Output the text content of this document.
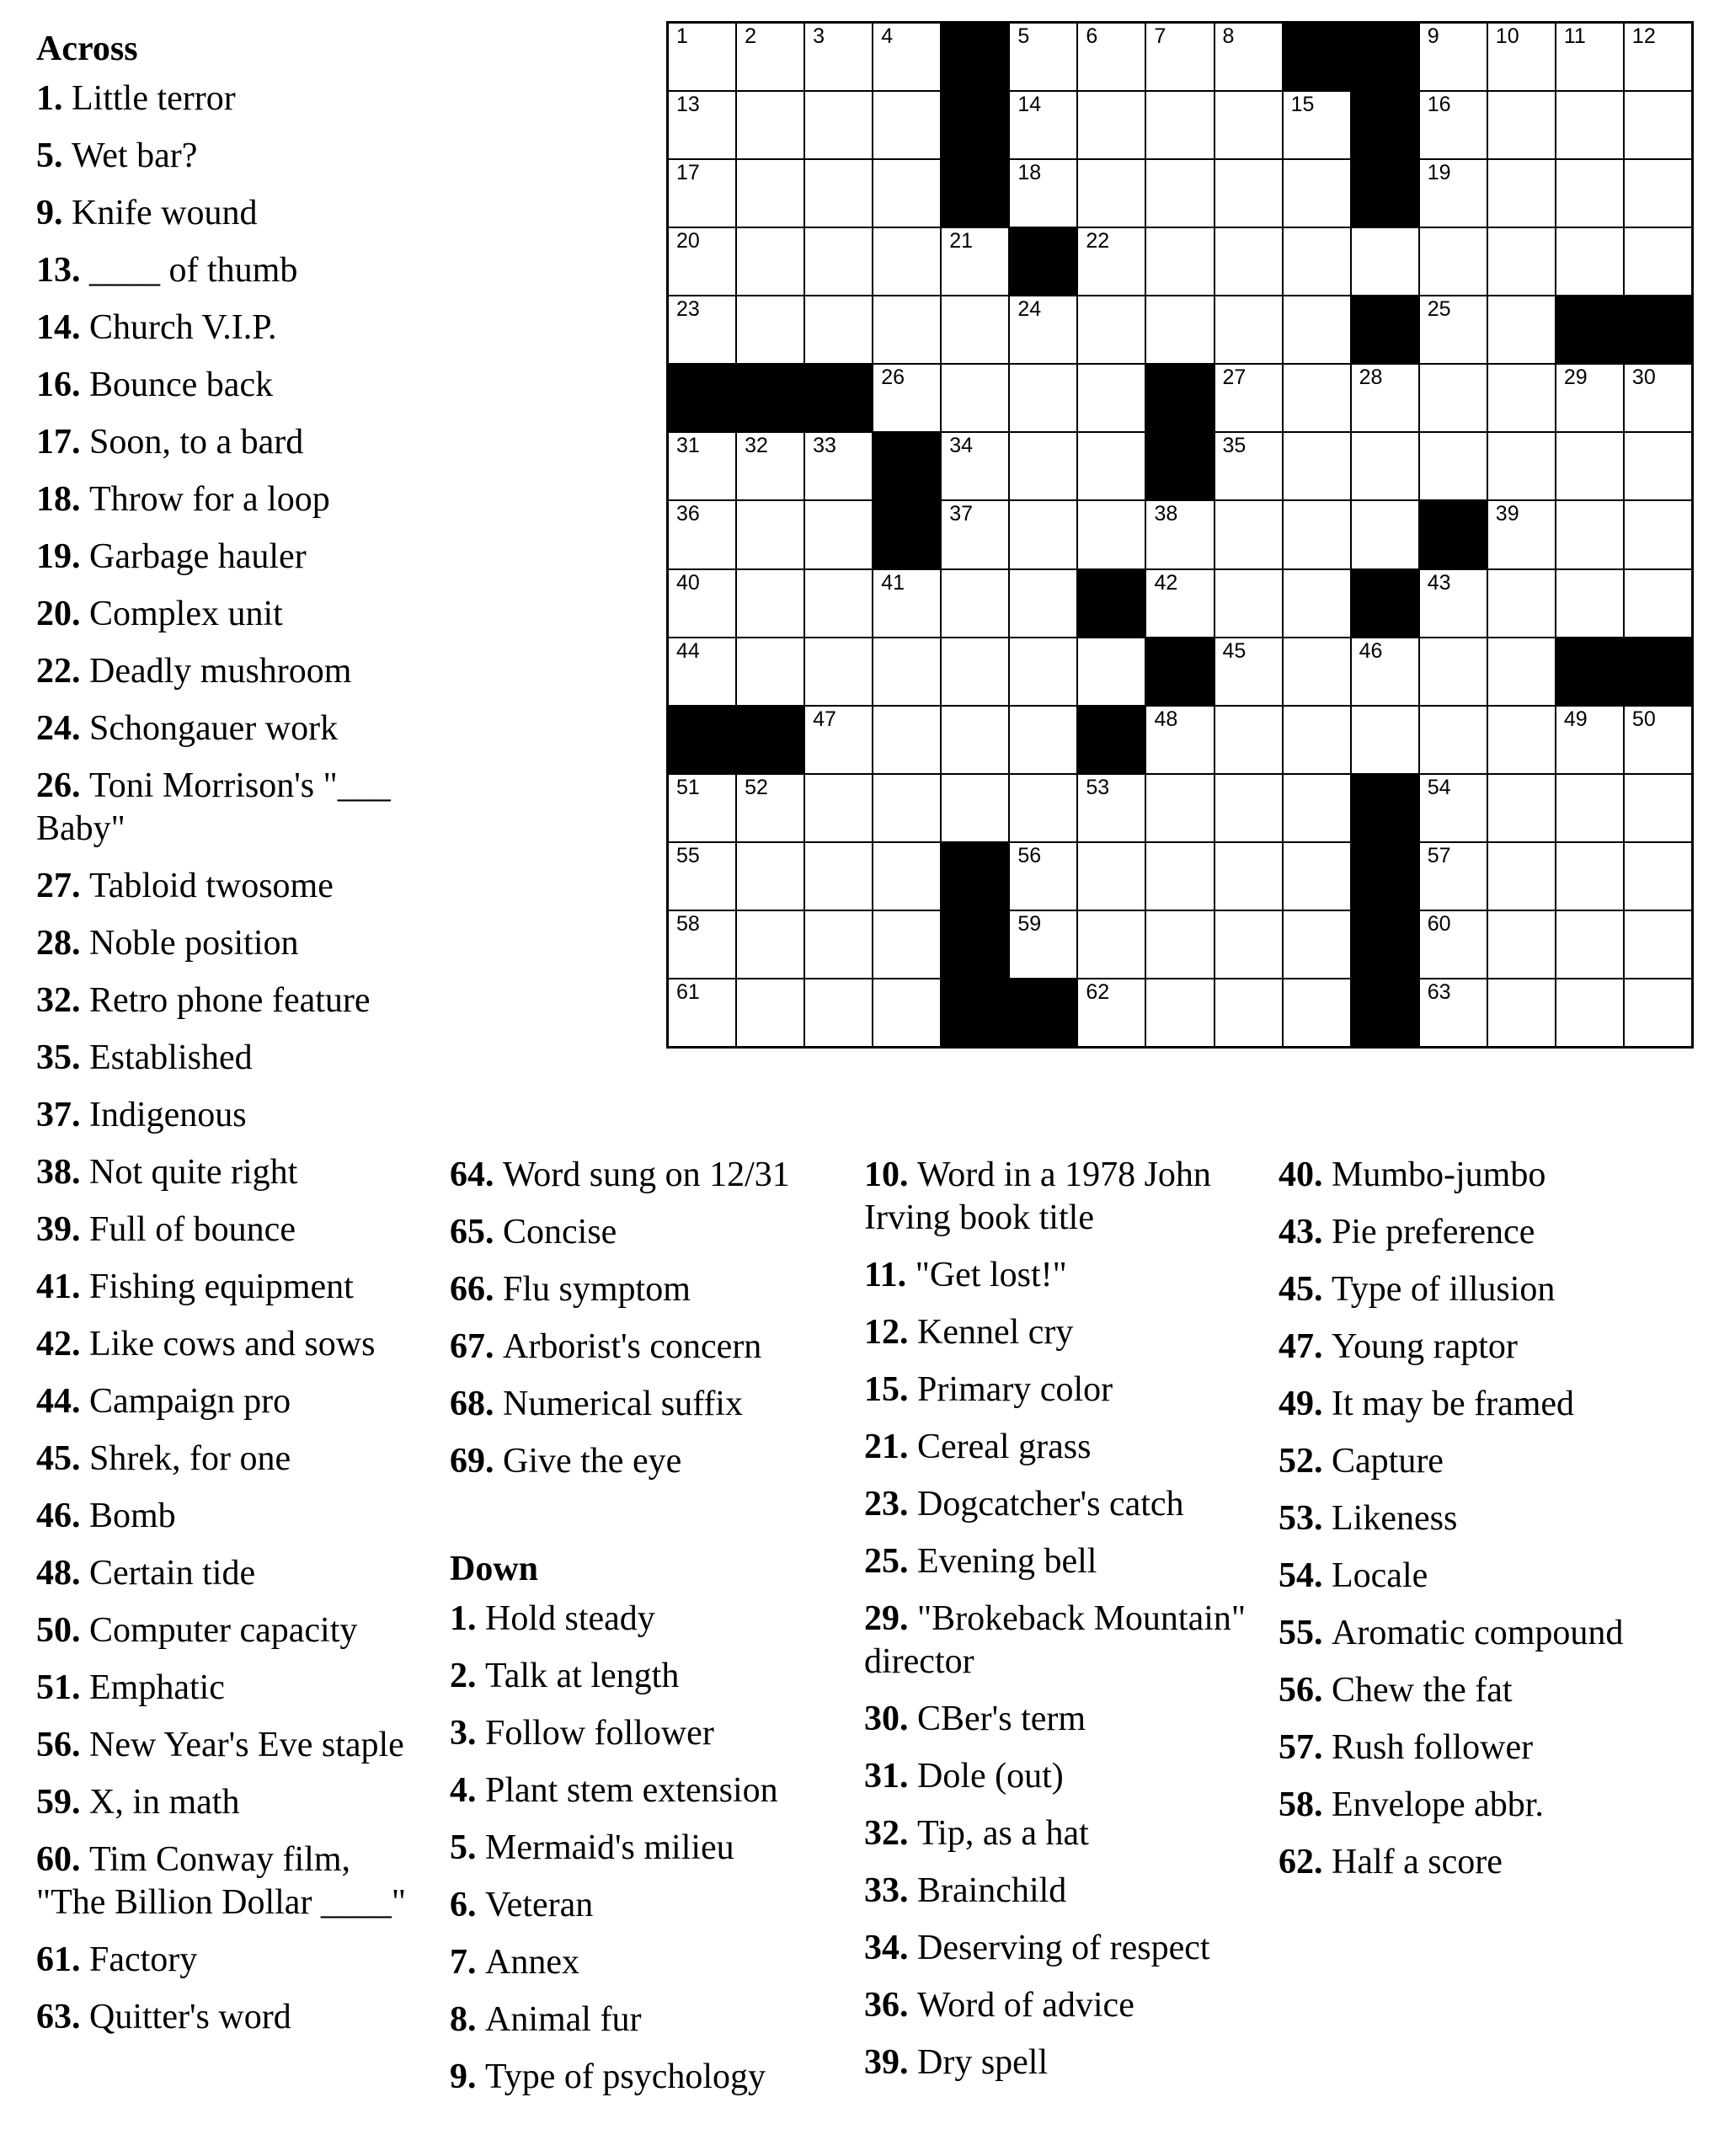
1	2	3	4	5	6	7	8	9	10 11 12
13	14	15	16
17	18	19
20	21	22
23	24	25
26	27	28	29 30
31 32 33	34	35
36	37	38	39
40	41	42	43
44	45	46
47	48	49 50
51 52	53	54
55	56	57
58	59	60
61	62	63
Across
1. Little terror
5. Wet bar?
9. Knife wound
13. ____ of thumb
14. Church V.I.P.
16. Bounce back
17. Soon, to a bard
18. Throw for a loop
19. Garbage hauler
20. Complex unit
22. Deadly mushroom
24. Schongauer work
26. Toni Morrison's "___ Baby"
27. Tabloid twosome
28. Noble position
32. Retro phone feature
35. Established
37. Indigenous
38. Not quite right
39. Full of bounce
41. Fishing equipment
42. Like cows and sows
44. Campaign pro
45. Shrek, for one
46. Bomb
48. Certain tide
50. Computer capacity
51. Emphatic
56. New Year's Eve staple
59. X, in math
60. Tim Conway film, "The Billion Dollar ____"
61. Factory
63. Quitter's word
64. Word sung on 12/31
65. Concise
66. Flu symptom
67. Arborist's concern
68. Numerical suffix
69. Give the eye
Down
1. Hold steady
2. Talk at length
3. Follow follower
4. Plant stem extension
5. Mermaid's milieu
6. Veteran
7. Annex
8. Animal fur
9. Type of psychology
10. Word in a 1978 John Irving book title
11. "Get lost!"
12. Kennel cry
15. Primary color
21. Cereal grass
23. Dogcatcher's catch
25. Evening bell
29. "Brokeback Mountain" director
30. CBer's term
31. Dole (out)
32. Tip, as a hat
33. Brainchild
34. Deserving of respect
36. Word of advice
39. Dry spell
40. Mumbo-jumbo
43. Pie preference
45. Type of illusion
47. Young raptor
49. It may be framed
52. Capture
53. Likeness
54. Locale
55. Aromatic compound
56. Chew the fat
57. Rush follower
58. Envelope abbr.
62. Half a score
